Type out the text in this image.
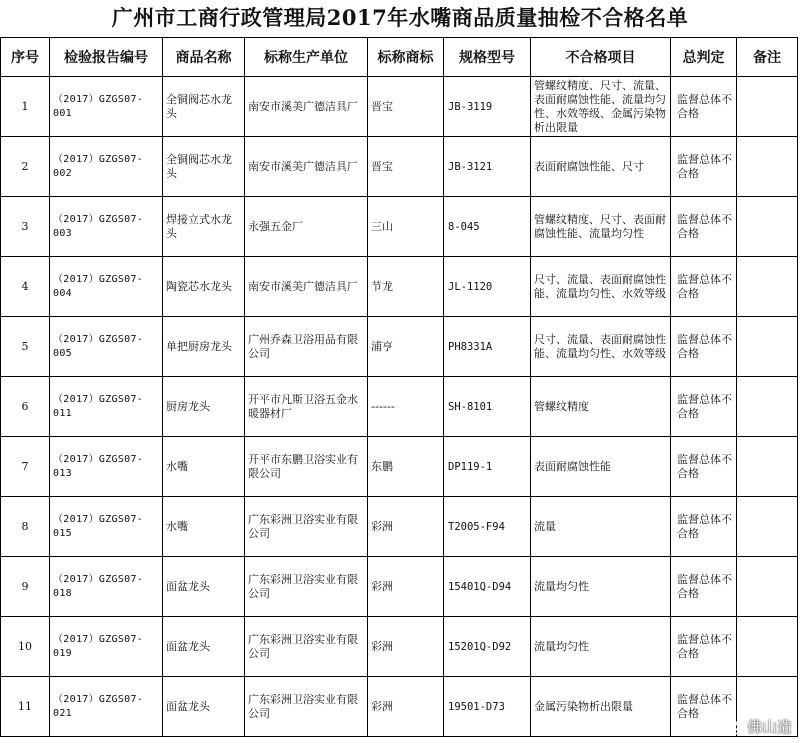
广州市工商行政管理局2017年水嘴商品质量抽检不合格名单
序号	检验报告编号	商品名称	标称生产单位	标称商标	规格型号	不合格项目	总判定	备注
1	（2017）GZGS07-001	全铜阀芯水龙头	南安市溪美广德洁具厂	晋宝	JB-3119	管螺纹精度、尺寸、流量、表面耐腐蚀性能、流量均匀性、水效等级、金属污染物析出限量	监督总体不合格	
2	（2017）GZGS07-002	全铜阀芯水龙头	南安市溪美广德洁具厂	晋宝	JB-3121	表面耐腐蚀性能、尺寸	监督总体不合格	
3	（2017）GZGS07-003	焊接立式水龙头	永强五金厂	三山	8-045	管螺纹精度、尺寸、表面耐腐蚀性能、流量均匀性	监督总体不合格	
4	（2017）GZGS07-004	陶瓷芯水龙头	南安市溪美广德洁具厂	节龙	JL-1120	尺寸、流量、表面耐腐蚀性能、流量均匀性、水效等级	监督总体不合格	
5	（2017）GZGS07-005	单把厨房龙头	广州乔森卫浴用品有限公司	浦亨	PH8331A	尺寸、流量、表面耐腐蚀性能、流量均匀性、水效等级	监督总体不合格	
6	（2017）GZGS07-011	厨房龙头	开平市凡斯卫浴五金水暖器材厂	------	SH-8101	管螺纹精度	监督总体不合格	
7	（2017）GZGS07-013	水嘴	开平市东鹏卫浴实业有限公司	东鹏	DP119-1	表面耐腐蚀性能	监督总体不合格	
8	（2017）GZGS07-015	水嘴	广东彩洲卫浴实业有限公司	彩洲	T2005-F94	流量	监督总体不合格	
9	（2017）GZGS07-018	面盆龙头	广东彩洲卫浴实业有限公司	彩洲	15401Q-D94	流量均匀性	监督总体不合格	
10	（2017）GZGS07-019	面盆龙头	广东彩洲卫浴实业有限公司	彩洲	15201Q-D92	流量均匀性	监督总体不合格	
11	（2017）GZGS07-021	面盆龙头	广东彩洲卫浴实业有限公司	彩洲	19501-D73	金属污染物析出限量	监督总体不合格	
佛山造
